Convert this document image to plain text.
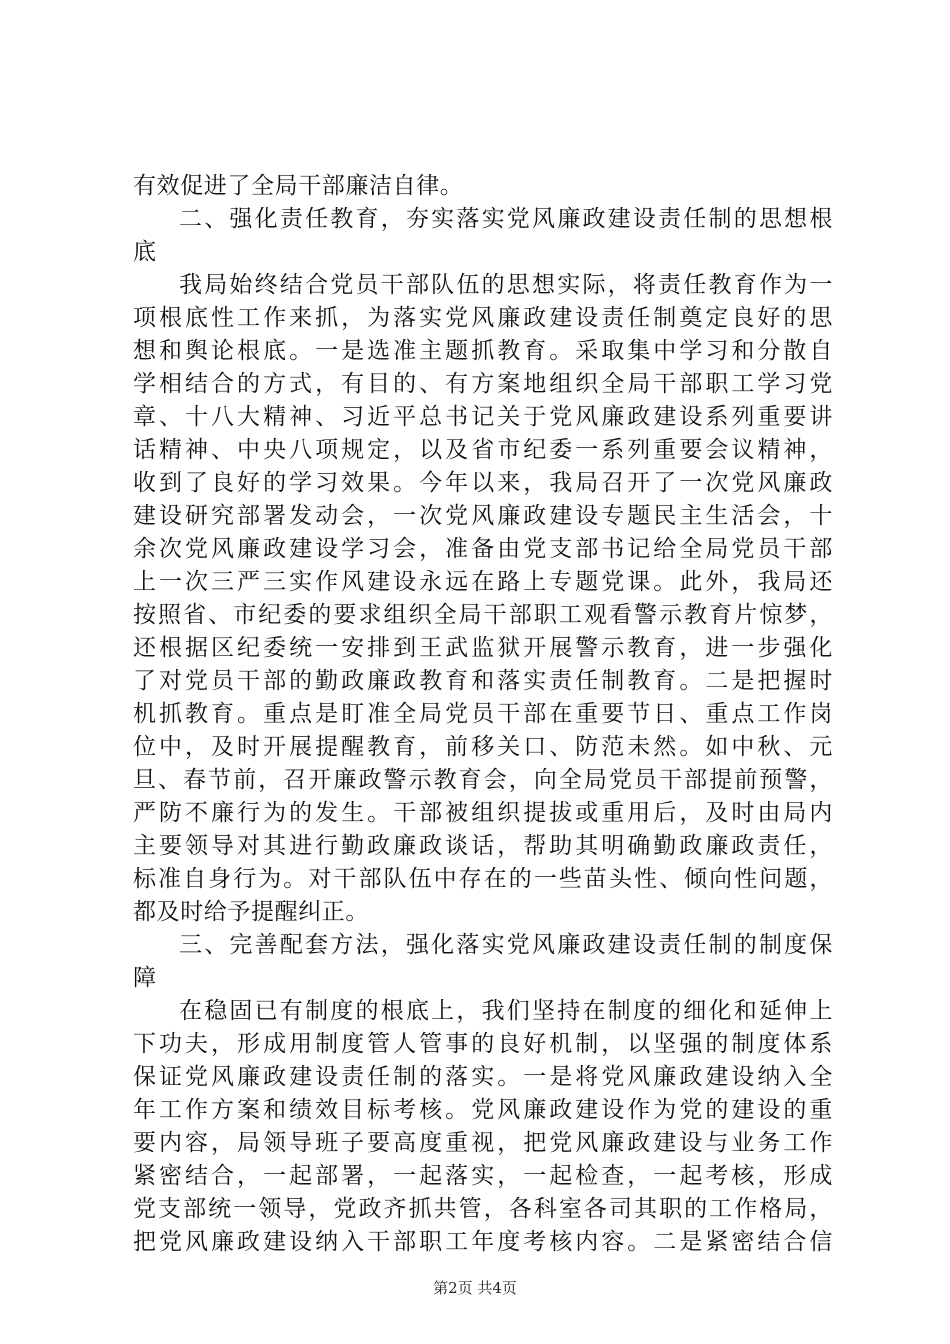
有效促进了全局干部廉洁自律。
二、强化责任教育，夯实落实党风廉政建设责任制的思想根
底
我局始终结合党员干部队伍的思想实际，将责任教育作为一
项根底性工作来抓，为落实党风廉政建设责任制奠定良好的思
想和舆论根底。一是选准主题抓教育。采取集中学习和分散自
学相结合的方式，有目的、有方案地组织全局干部职工学习党
章、十八大精神、习近平总书记关于党风廉政建设系列重要讲
话精神、中央八项规定，以及省市纪委一系列重要会议精神，
收到了良好的学习效果。今年以来，我局召开了一次党风廉政
建设研究部署发动会，一次党风廉政建设专题民主生活会，十
余次党风廉政建设学习会，准备由党支部书记给全局党员干部
上一次三严三实作风建设永远在路上专题党课。此外，我局还
按照省、市纪委的要求组织全局干部职工观看警示教育片惊梦，
还根据区纪委统一安排到王武监狱开展警示教育，进一步强化
了对党员干部的勤政廉政教育和落实责任制教育。二是把握时
机抓教育。重点是盯准全局党员干部在重要节日、重点工作岗
位中，及时开展提醒教育，前移关口、防范未然。如中秋、元
旦、春节前，召开廉政警示教育会，向全局党员干部提前预警，
严防不廉行为的发生。干部被组织提拔或重用后，及时由局内
主要领导对其进行勤政廉政谈话，帮助其明确勤政廉政责任，
标准自身行为。对干部队伍中存在的一些苗头性、倾向性问题，
都及时给予提醒纠正。
三、完善配套方法，强化落实党风廉政建设责任制的制度保
障
在稳固已有制度的根底上，我们坚持在制度的细化和延伸上
下功夫，形成用制度管人管事的良好机制，以坚强的制度体系
保证党风廉政建设责任制的落实。一是将党风廉政建设纳入全
年工作方案和绩效目标考核。党风廉政建设作为党的建设的重
要内容，局领导班子要高度重视，把党风廉政建设与业务工作
紧密结合，一起部署，一起落实，一起检查，一起考核，形成
党支部统一领导，党政齐抓共管，各科室各司其职的工作格局，
把党风廉政建设纳入干部职工年度考核内容。二是紧密结合信
第2页 共4页
